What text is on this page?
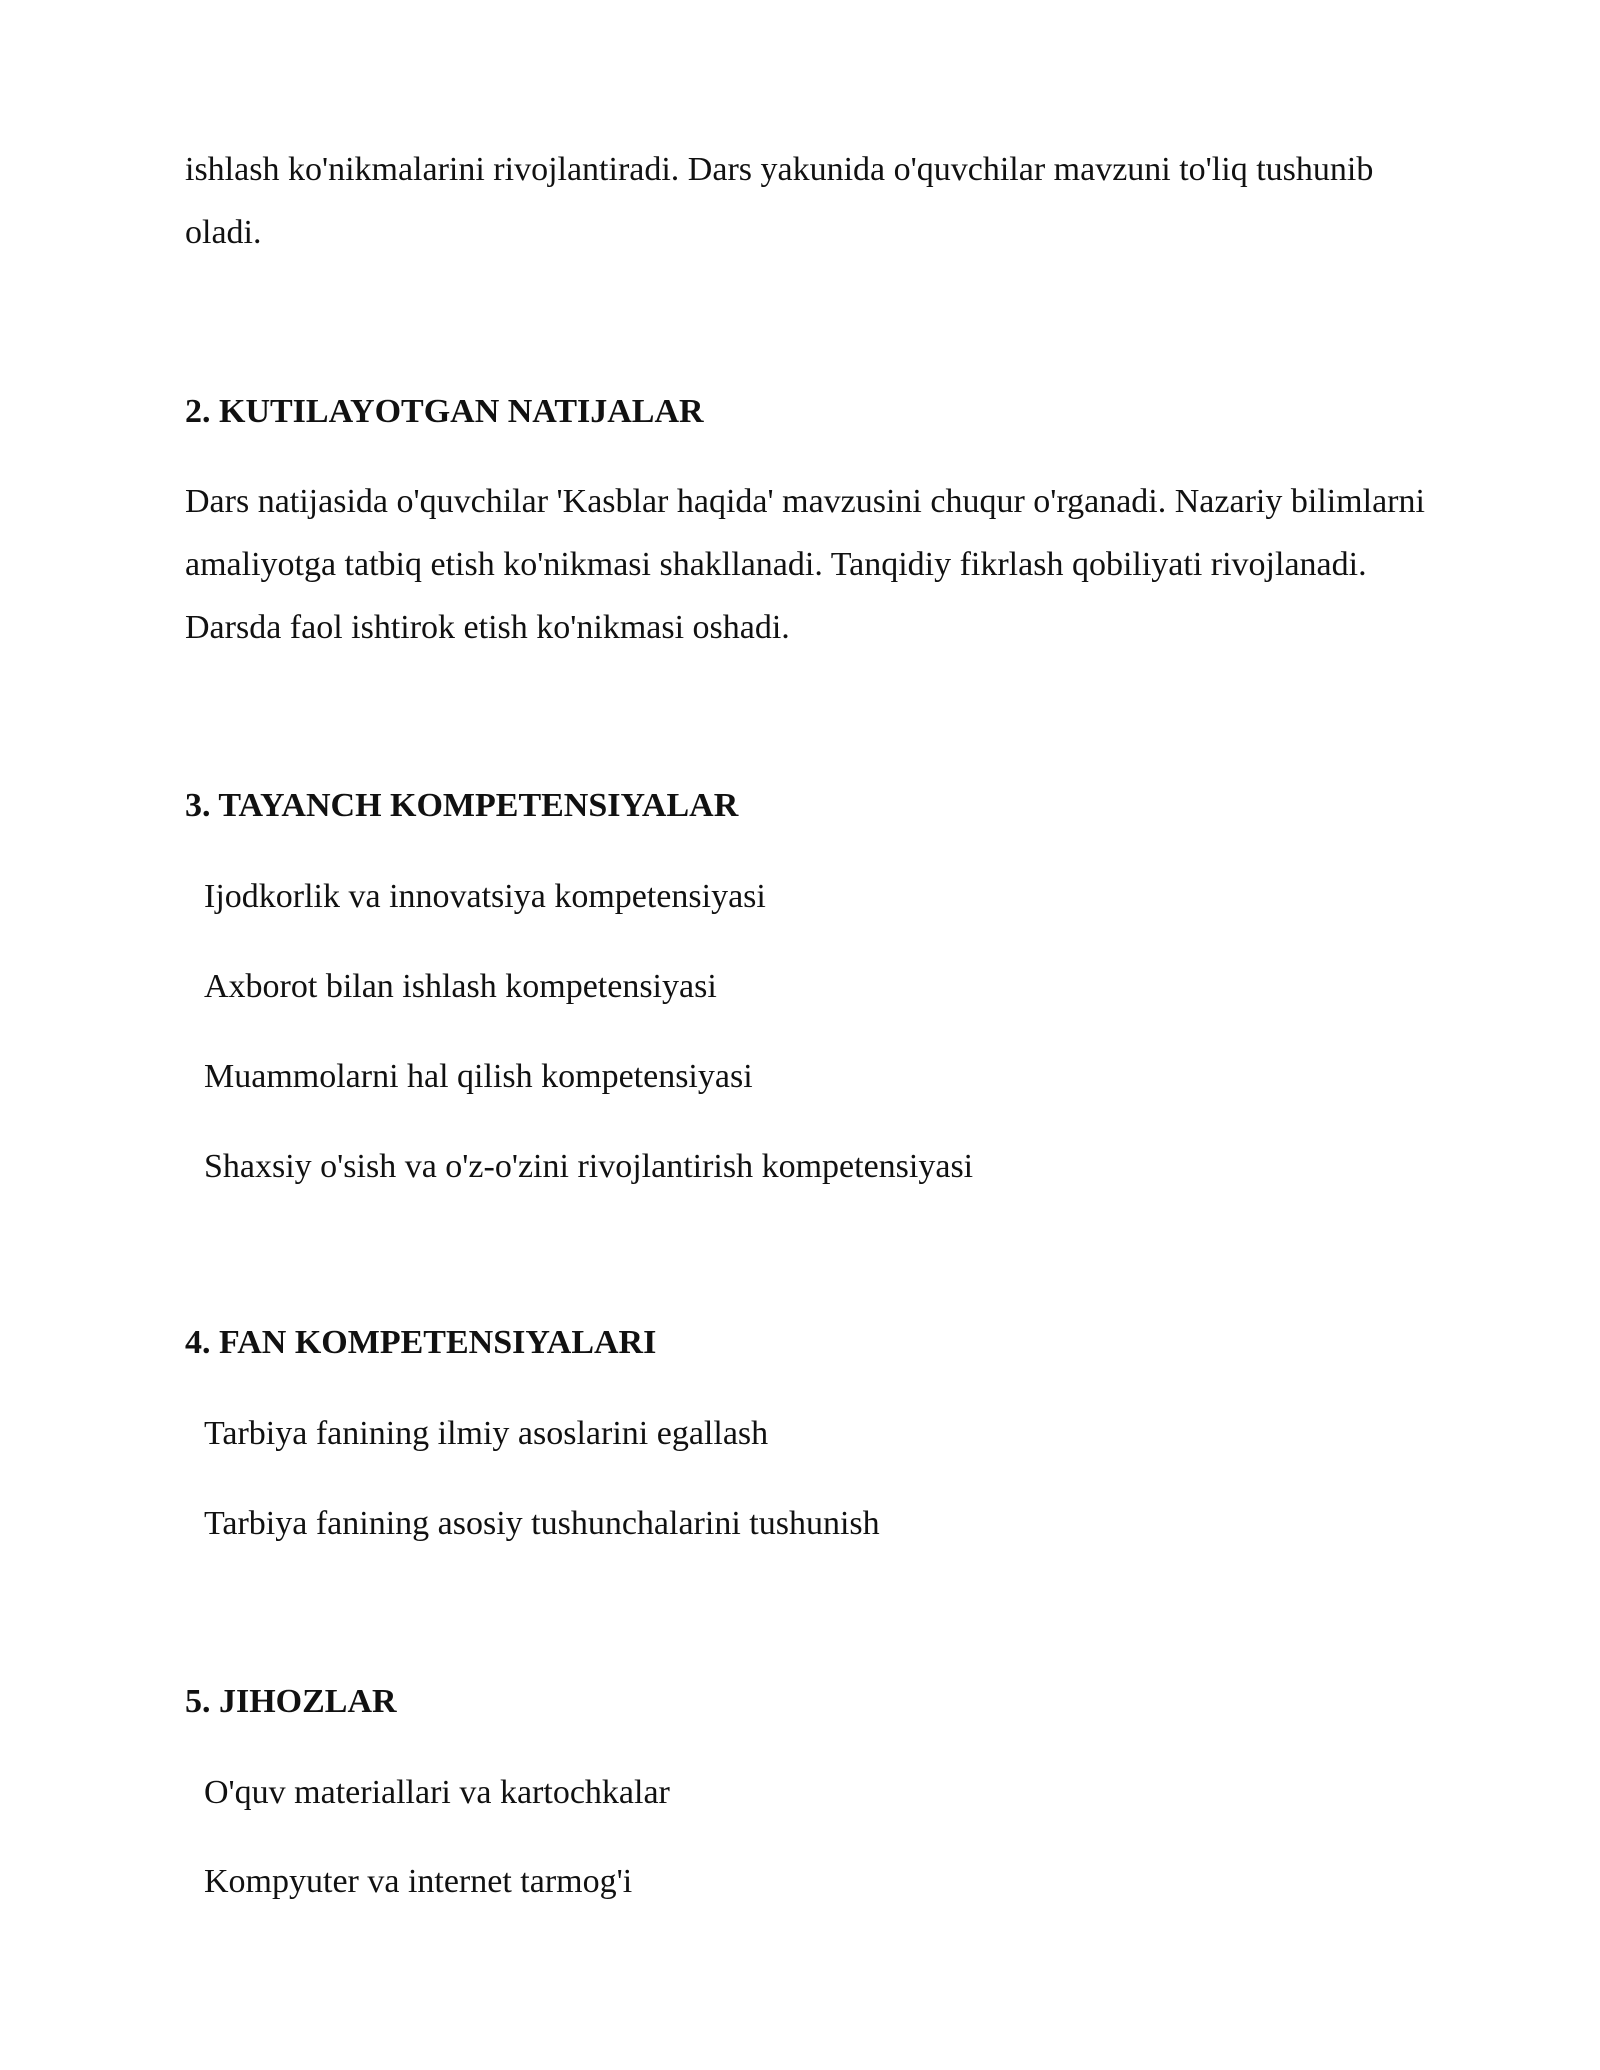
ishlash ko'nikmalarini rivojlantiradi. Dars yakunida o'quvchilar mavzuni to'liq tushunib oladi.

2. KUTILAYOTGAN NATIJALAR

Dars natijasida o'quvchilar 'Kasblar haqida' mavzusini chuqur o'rganadi. Nazariy bilimlarni amaliyotga tatbiq etish ko'nikmasi shakllanadi. Tanqidiy fikrlash qobiliyati rivojlanadi. Darsda faol ishtirok etish ko'nikmasi oshadi.

3. TAYANCH KOMPETENSIYALAR

Ijodkorlik va innovatsiya kompetensiyasi

Axborot bilan ishlash kompetensiyasi

Muammolarni hal qilish kompetensiyasi

Shaxsiy o'sish va o'z-o'zini rivojlantirish kompetensiyasi

4. FAN KOMPETENSIYALARI

Tarbiya fanining ilmiy asoslarini egallash

Tarbiya fanining asosiy tushunchalarini tushunish

5. JIHOZLAR

O'quv materiallari va kartochkalar

Kompyuter va internet tarmog'i
